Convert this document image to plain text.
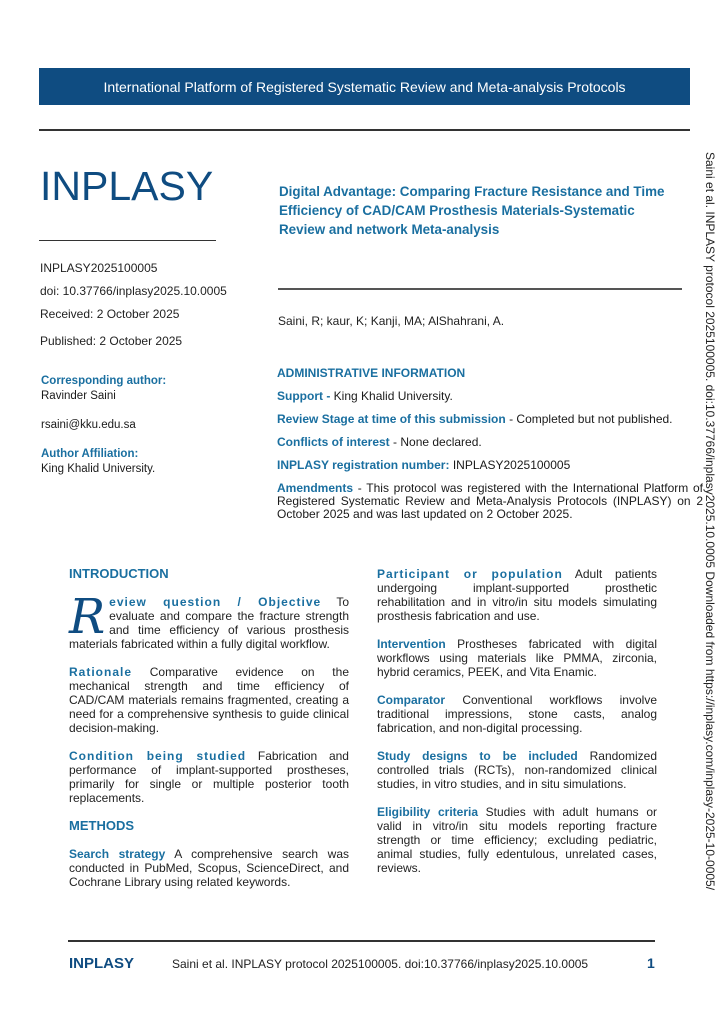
International Platform of Registered Systematic Review and Meta-analysis Protocols
INPLASY
INPLASY2025100005
doi: 10.37766/inplasy2025.10.0005
Received: 2 October 2025
Published: 2 October 2025
Digital Advantage: Comparing Fracture Resistance and Time Efficiency of CAD/CAM Prosthesis Materials-Systematic Review and network Meta-analysis
Saini, R; kaur, K; Kanji, MA; AlShahrani, A.
Corresponding author:
Ravinder Saini
rsaini@kku.edu.sa
Author Affiliation:
King Khalid University.
ADMINISTRATIVE INFORMATION

Support - King Khalid University.

Review Stage at time of this submission - Completed but not published.

Conflicts of interest - None declared.

INPLASY registration number: INPLASY2025100005

Amendments - This protocol was registered with the International Platform of Registered Systematic Review and Meta-Analysis Protocols (INPLASY) on 2 October 2025 and was last updated on 2 October 2025.

INTRODUCTION

Review question / Objective To evaluate and compare the fracture strength and time efficiency of various prosthesis materials fabricated within a fully digital workflow.

Rationale Comparative evidence on the mechanical strength and time efficiency of CAD/CAM materials remains fragmented, creating a need for a comprehensive synthesis to guide clinical decision-making.

Condition being studied Fabrication and performance of implant-supported prostheses, primarily for single or multiple posterior tooth replacements.

METHODS

Search strategy A comprehensive search was conducted in PubMed, Scopus, ScienceDirect, and Cochrane Library using related keywords.

Participant or population Adult patients undergoing implant-supported prosthetic rehabilitation and in vitro/in situ models simulating prosthesis fabrication and use.

Intervention Prostheses fabricated with digital workflows using materials like PMMA, zirconia, hybrid ceramics, PEEK, and Vita Enamic.

Comparator Conventional workflows involve traditional impressions, stone casts, analog fabrication, and non-digital processing.

Study designs to be included Randomized controlled trials (RCTs), non-randomized clinical studies, in vitro studies, and in situ simulations.

Eligibility criteria Studies with adult humans or valid in vitro/in situ models reporting fracture strength or time efficiency; excluding pediatric, animal studies, fully edentulous, unrelated cases, reviews.

INPLASY	Saini et al. INPLASY protocol 2025100005. doi:10.37766/inplasy2025.10.0005	1
Saini et al. INPLASY protocol 2025100005. doi:10.37766/inplasy2025.10.0005 Downloaded from https://inplasy.com/inplasy-2025-10-0005/
